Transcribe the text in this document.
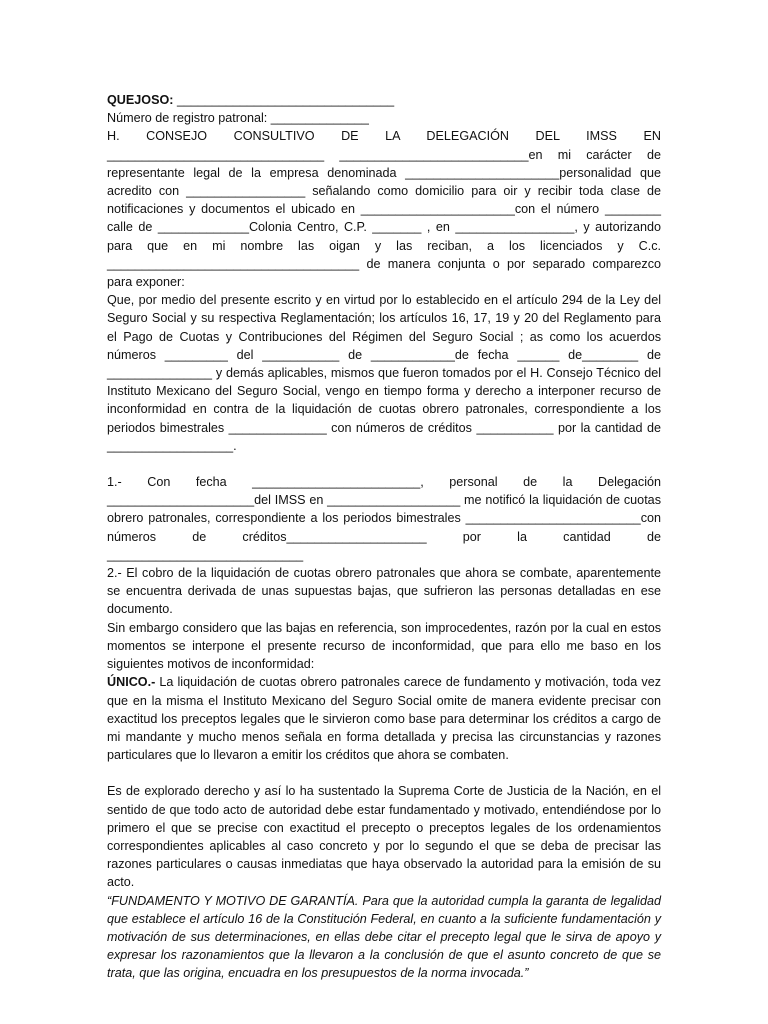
QUEJOSO: _______________________________

Número de registro patronal: ______________

H. CONSEJO CONSULTIVO DE LA DELEGACIÓN DEL IMSS EN _______________________________ ___________________________en mi carácter de representante legal de la empresa denominada ______________________personalidad que acredito con _________________ señalando como domicilio para oir y recibir toda clase de notificaciones y documentos el ubicado en ______________________con el número ________ calle de _____________Colonia Centro, C.P. _______ , en _________________, y autorizando para que en mi nombre las oigan y las reciban, a los licenciados y C.c. ____________________________________ de manera conjunta o por separado comparezco para exponer:

Que, por medio del presente escrito y en virtud por lo establecido en el artículo 294 de la Ley del Seguro Social y su respectiva Reglamentación; los artículos 16, 17, 19 y 20 del Reglamento para el Pago de Cuotas y Contribuciones del Régimen del Seguro Social ; as como los acuerdos números _________ del ___________ de ____________de fecha ______ de________ de _______________ y demás aplicables, mismos que fueron tomados por el H. Consejo Técnico del Instituto Mexicano del Seguro Social, vengo en tiempo forma y derecho a interponer recurso de inconformidad en contra de la liquidación de cuotas obrero patronales, correspondiente a los periodos bimestrales ______________ con números de créditos ___________ por la cantidad de __________________.

1.- Con fecha ________________________, personal de la Delegación _____________________del IMSS en ___________________ me notificó la liquidación de cuotas obrero patronales, correspondiente a los periodos bimestrales _________________________con números de créditos____________________ por la cantidad de ____________________________

2.- El cobro de la liquidación de cuotas obrero patronales que ahora se combate, aparentemente se encuentra derivada de unas supuestas bajas, que sufrieron las personas detalladas en ese documento.

Sin embargo considero que las bajas en referencia, son improcedentes, razón por la cual en estos momentos se interpone el presente recurso de inconformidad, que para ello me baso en los siguientes motivos de inconformidad:

ÚNICO.- La liquidación de cuotas obrero patronales carece de fundamento y motivación, toda vez que en la misma el Instituto Mexicano del Seguro Social omite de manera evidente precisar con exactitud los preceptos legales que le sirvieron como base para determinar los créditos a cargo de mi mandante y mucho menos señala en forma detallada y precisa las circunstancias y razones particulares que lo llevaron a emitir los créditos que ahora se combaten.

Es de explorado derecho y así lo ha sustentado la Suprema Corte de Justicia de la Nación, en el sentido de que todo acto de autoridad debe estar fundamentado y motivado, entendiéndose por lo primero el que se precise con exactitud el precepto o preceptos legales de los ordenamientos correspondientes aplicables al caso concreto y por lo segundo el que se deba de precisar las razones particulares o causas inmediatas que haya observado la autoridad para la emisión de su acto.

“FUNDAMENTO Y MOTIVO DE GARANTÍA. Para que la autoridad cumpla la garanta de legalidad que establece el artículo 16 de la Constitución Federal, en cuanto a la suficiente fundamentación y motivación de sus determinaciones, en ellas debe citar el precepto legal que le sirva de apoyo y expresar los razonamientos que la llevaron a la conclusión de que el asunto concreto de que se trata, que las origina, encuadra en los presupuestos de la norma invocada.”
